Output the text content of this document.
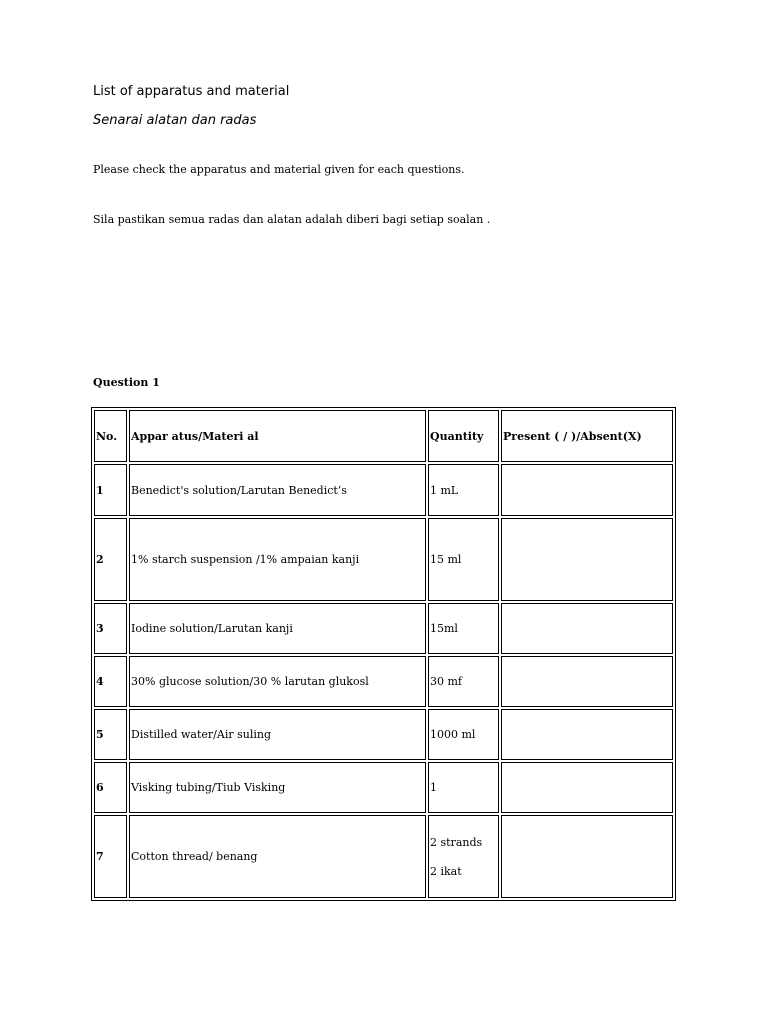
List of apparatus and material

Senarai alatan dan radas

Please check the apparatus and material given for each questions.

Sila pastikan semua radas dan alatan adalah diberi bagi setiap soalan .

Question 1

No.	Appar atus/Materi al	Quantity	Present ( / )/Absent(X)
1	Benedict's solution/Larutan Benedict’s	1 mL	
2	1% starch suspension /1% ampaian kanji	15 ml	
3	Iodine solution/Larutan kanji	15ml	
4	30% glucose solution/30 % larutan glukosl	30 mf	
5	Distilled water/Air suling	1000 ml	
6	Visking tubing/Tiub Visking	1	
7	Cotton thread/ benang	2 strands
2 ikat	
